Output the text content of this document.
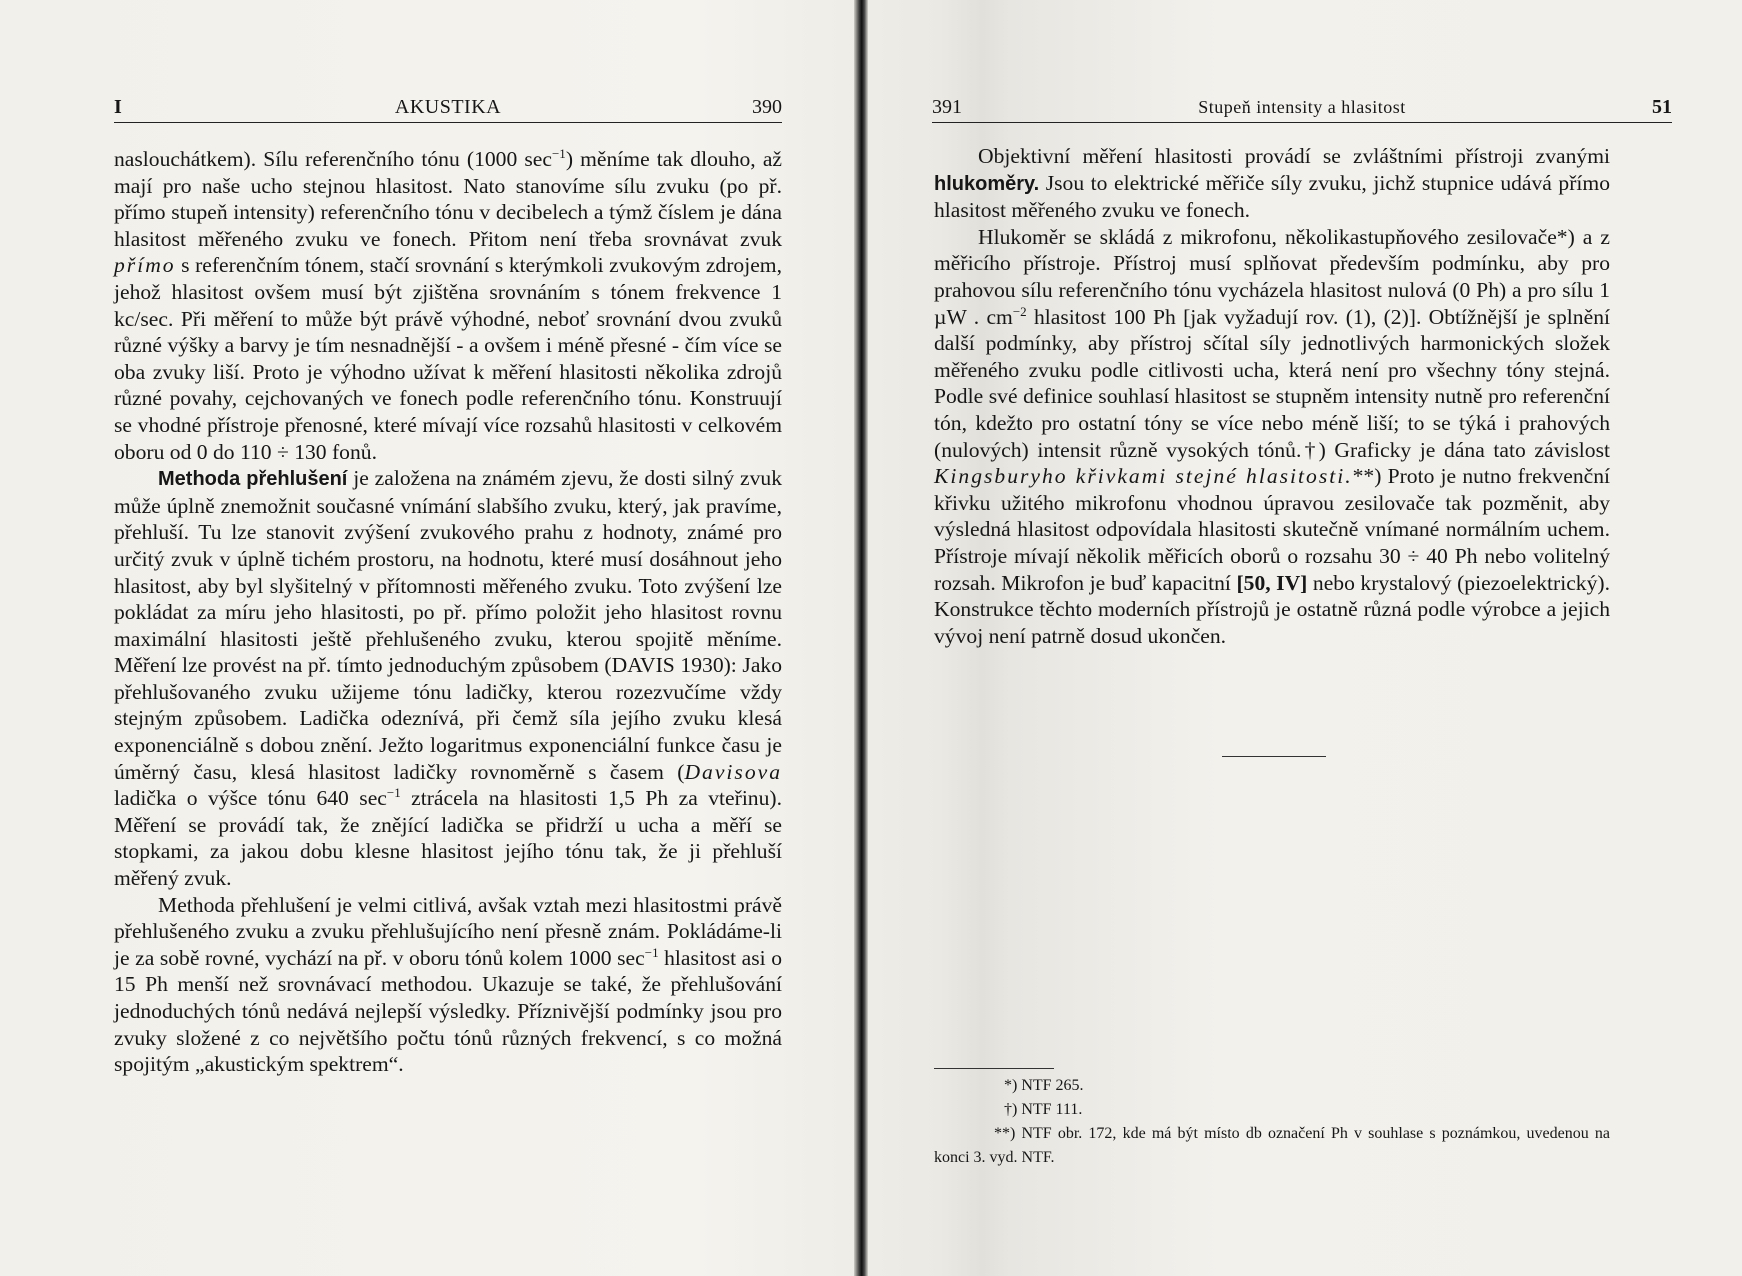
I	AKUSTIKA	390

naslouchátkem). Sílu referenčního tónu (1000 $\sec^{-1}$) měníme tak dlouho, až mají pro naše ucho stejnou hlasitost. Nato stanovíme sílu zvuku (po př. přímo stupeň intensity) referenčního tónu v decibelech a týmž číslem je dána hlasitost měřeného zvuku ve fonech. Přitom není třeba srovnávat zvuk přímo s referenčním tónem, stačí srovnání s kterýmkoli zvukovým zdrojem, jehož hlasitost ovšem musí být zjištěna srovnáním s tónem frekvence 1 kc/sec. Při měření to může být právě výhodné, neboť srovnání dvou zvuků různé výšky a barvy je tím nesnadnější - a ovšem i méně přesné - čím více se oba zvuky liší. Proto je výhodno užívat k měření hlasitosti několika zdrojů různé povahy, cejchovaných ve fonech podle referenčního tónu. Konstruují se vhodné přístroje přenosné, které mívají více rozsahů hlasitosti v celkovém oboru od 0 do 110 ÷ 130 fonů.

Methoda přehlušení je založena na známém zjevu, že dosti silný zvuk může úplně znemožnit současné vnímání slabšího zvuku, který, jak pravíme, přehluší. Tu lze stanovit zvýšení zvukového prahu z hodnoty, známé pro určitý zvuk v úplně tichém prostoru, na hodnotu, které musí dosáhnout jeho hlasitost, aby byl slyšitelný v přítomnosti měřeného zvuku. Toto zvýšení lze pokládat za míru jeho hlasitosti, po př. přímo položit jeho hlasitost rovnu maximální hlasitosti ještě přehlušeného zvuku, kterou spojitě měníme. Měření lze provést na př. tímto jednoduchým způsobem (DAVIS 1930): Jako přehlušovaného zvuku užijeme tónu ladičky, kterou rozezvučíme vždy stejným způsobem. Ladička odeznívá, při čemž síla jejího zvuku klesá exponenciálně s dobou znění. Ježto logaritmus exponenciální funkce času je úměrný času, klesá hlasitost ladičky rovnoměrně s časem (Davisova ladička o výšce tónu 640 $\sec^{-1}$ ztrácela na hlasitosti 1,5 Ph za vteřinu). Měření se provádí tak, že znějící ladička se přidrží u ucha a měří se stopkami, za jakou dobu klesne hlasitost jejího tónu tak, že ji přehluší měřený zvuk.

Methoda přehlušení je velmi citlivá, avšak vztah mezi hlasitostmi právě přehlušeného zvuku a zvuku přehlušujícího není přesně znám. Pokládáme-li je za sobě rovné, vychází na př. v oboru tónů kolem 1000 $\sec^{-1}$ hlasitost asi o 15 Ph menší než srovnávací methodou. Ukazuje se také, že přehlušování jednoduchých tónů nedává nejlepší výsledky. Příznivější podmínky jsou pro zvuky složené z co největšího počtu tónů různých frekvencí, s co možná spojitým „akustickým spektrem“.

391	Stupeň intensity a hlasitost	51

Objektivní měření hlasitosti provádí se zvláštními přístroji zvanými hlukoměry. Jsou to elektrické měřiče síly zvuku, jichž stupnice udává přímo hlasitost měřeného zvuku ve fonech.

Hlukoměr se skládá z mikrofonu, několikastupňového zesilovače*) a z měřicího přístroje. Přístroj musí splňovat především podmínku, aby pro prahovou sílu referenčního tónu vycházela hlasitost nulová (0 Ph) a pro sílu 1 µW . $cm^{-2}$ hlasitost 100 Ph [jak vyžadují rov. (1), (2)]. Obtížnější je splnění další podmínky, aby přístroj sčítal síly jednotlivých harmonických složek měřeného zvuku podle citlivosti ucha, která není pro všechny tóny stejná. Podle své definice souhlasí hlasitost se stupněm intensity nutně pro referenční tón, kdežto pro ostatní tóny se více nebo méně liší; to se týká i prahových (nulových) intensit různě vysokých tónů.†) Graficky je dána tato závislost Kingsburyho křivkami stejné hlasitosti.**) Proto je nutno frekvenční křivku užitého mikrofonu vhodnou úpravou zesilovače tak pozměnit, aby výsledná hlasitost odpovídala hlasitosti skutečně vnímané normálním uchem. Přístroje mívají několik měřicích oborů o rozsahu 30 ÷ 40 Ph nebo volitelný rozsah. Mikrofon je buď kapacitní [50, IV] nebo krystalový (piezoelektrický). Konstrukce těchto moderních přístrojů je ostatně různá podle výrobce a jejich vývoj není patrně dosud ukončen.

*) NTF 265.

†) NTF 111.

**) NTF obr. 172, kde má být místo db označení Ph v souhlase s poznámkou, uvedenou na konci 3. vyd. NTF.
